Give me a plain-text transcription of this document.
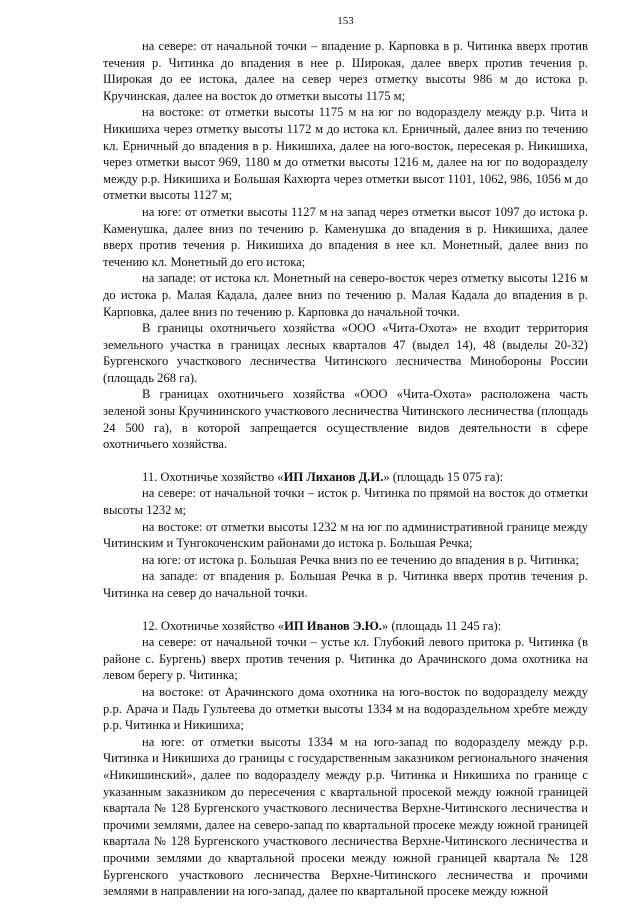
153

на севере: от начальной точки – впадение р. Карповка в р. Читинка вверх против течения р. Читинка до впадения в нее р. Широкая, далее вверх против течения р. Широкая до ее истока, далее на север через отметку высоты 986 м до истока р. Кручинская, далее на восток до отметки высоты 1175 м;

на востоке: от отметки высоты 1175 м на юг по водоразделу между р.р. Чита и Никишиха через отметку высоты 1172 м до истока кл. Ерничный, далее вниз по течению кл. Ерничный до впадения в р. Никишиха, далее на юго-восток, пересекая р. Никишиха, через отметки высот 969, 1180 м до отметки высоты 1216 м, далее на юг по водоразделу между р.р. Никишиха и Большая Кахюрта через отметки высот 1101, 1062, 986, 1056 м до отметки высоты 1127 м;

на юге: от отметки высоты 1127 м на запад через отметки высот 1097 до истока р. Каменушка, далее вниз по течению р. Каменушка до впадения в р. Никишиха, далее вверх против течения р. Никишиха до впадения в нее кл. Монетный, далее вниз по течению кл. Монетный до его истока;

на западе: от истока кл. Монетный на северо-восток через отметку высоты 1216 м до истока р. Малая Кадала, далее вниз по течению р. Малая Кадала до впадения в р. Карповка, далее вниз по течению р. Карповка до начальной точки.

В границы охотничьего хозяйства «ООО «Чита-Охота» не входит территория земельного участка в границах лесных кварталов 47 (выдел 14), 48 (выделы 20-32) Бургенского участкового лесничества Читинского лесничества Минобороны России (площадь 268 га).

В границах охотничьего хозяйства «ООО «Чита-Охота» расположена часть зеленой зоны Кручининского участкового лесничества Читинского лесничества (площадь 24 500 га), в которой запрещается осуществление видов деятельности в сфере охотничьего хозяйства.

11. Охотничье хозяйство «ИП Лиханов Д.И.» (площадь 15 075 га):

на севере: от начальной точки – исток р. Читинка по прямой на восток до отметки высоты 1232 м;

на востоке: от отметки высоты 1232 м на юг по административной границе между Читинским и Тунгокоченским районами до истока р. Большая Речка;

на юге: от истока р. Большая Речка вниз по ее течению до впадения в р. Читинка;

на западе: от впадения р. Большая Речка в р. Читинка вверх против течения р. Читинка на север до начальной точки.

12. Охотничье хозяйство «ИП Иванов Э.Ю.» (площадь 11 245 га):

на севере: от начальной точки – устье кл. Глубокий левого притока р. Читинка (в районе с. Бургень) вверх против течения р. Читинка до Арачинского дома охотника на левом берегу р. Читинка;

на востоке: от Арачинского дома охотника на юго-восток по водоразделу между р.р. Арача и Падь Гультеева до отметки высоты 1334 м на водораздельном хребте между р.р. Читинка и Никишиха;

на юге: от отметки высоты 1334 м на юго-запад по водоразделу между р.р. Читинка и Никишиха до границы с государственным заказником регионального значения «Никишинский», далее по водоразделу между р.р. Читинка и Никишиха по границе с указанным заказником до пересечения с квартальной просекой между южной границей квартала № 128 Бургенского участкового лесничества Верхне-Читинского лесничества и прочими землями, далее на северо-запад по квартальной просеке между южной границей квартала № 128 Бургенского участкового лесничества Верхне-Читинского лесничества и прочими землями до квартальной просеки между южной границей квартала № 128 Бургенского участкового лесничества Верхне-Читинского лесничества и прочими землями в направлении на юго-запад, далее по квартальной просеке между южной
